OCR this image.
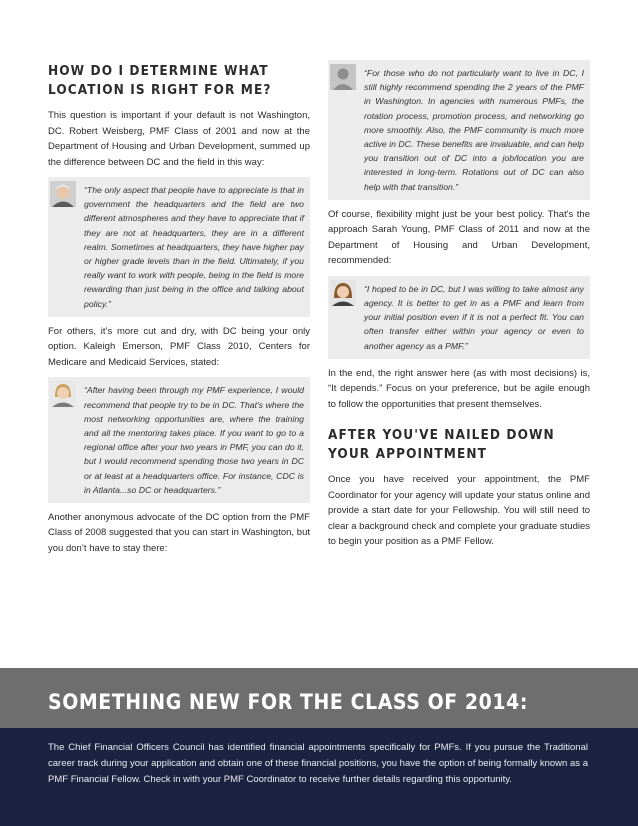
HOW DO I DETERMINE WHAT LOCATION IS RIGHT FOR ME?

This question is important if your default is not Washington, DC. Robert Weisberg, PMF Class of 2001 and now at the Department of Housing and Urban Development, summed up the difference between DC and the field in this way:

“The only aspect that people have to appreciate is that in government the headquarters and the field are two different atmospheres and they have to appreciate that if they are not at headquarters, they are in a different realm. Sometimes at headquarters, they have higher pay or higher grade levels than in the field. Ultimately, if you really want to work with people, being in the field is more rewarding than just being in the office and talking about policy.”

For others, it’s more cut and dry, with DC being your only option. Kaleigh Emerson, PMF Class 2010, Centers for Medicare and Medicaid Services, stated:

“After having been through my PMF experience, I would recommend that people try to be in DC. That's where the most networking opportunities are, where the training and all the mentoring takes place. If you want to go to a regional office after your two years in PMF, you can do it, but I would recommend spending those two years in DC or at least at a headquarters office. For instance, CDC is in Atlanta...so DC or headquarters.”

Another anonymous advocate of the DC option from the PMF Class of 2008 suggested that you can start in Washington, but you don’t have to stay there:

“For those who do not particularly want to live in DC, I still highly recommend spending the 2 years of the PMF in Washington. In agencies with numerous PMFs, the rotation process, promotion process, and networking go more smoothly. Also, the PMF community is much more active in DC. These benefits are invaluable, and can help you transition out of DC into a job/location you are interested in long-term. Rotations out of DC can also help with that transition.”

Of course, flexibility might just be your best policy. That's the approach Sarah Young, PMF Class of 2011 and now at the Department of Housing and Urban Development, recommended:

“I hoped to be in DC, but I was willing to take almost any agency. It is better to get in as a PMF and learn from your initial position even if it is not a perfect fit. You can often transfer either within your agency or even to another agency as a PMF.”

In the end, the right answer here (as with most decisions) is, “It depends.” Focus on your preference, but be agile enough to follow the opportunities that present themselves.

AFTER YOU'VE NAILED DOWN YOUR APPOINTMENT

Once you have received your appointment, the PMF Coordinator for your agency will update your status online and provide a start date for your Fellowship. You will still need to clear a background check and complete your graduate studies to begin your position as a PMF Fellow.

SOMETHING NEW FOR THE CLASS OF 2014:

The Chief Financial Officers Council has identified financial appointments specifically for PMFs. If you pursue the Traditional career track during your application and obtain one of these financial positions, you have the option of being formally known as a PMF Financial Fellow. Check in with your PMF Coordinator to receive further details regarding this opportunity.
